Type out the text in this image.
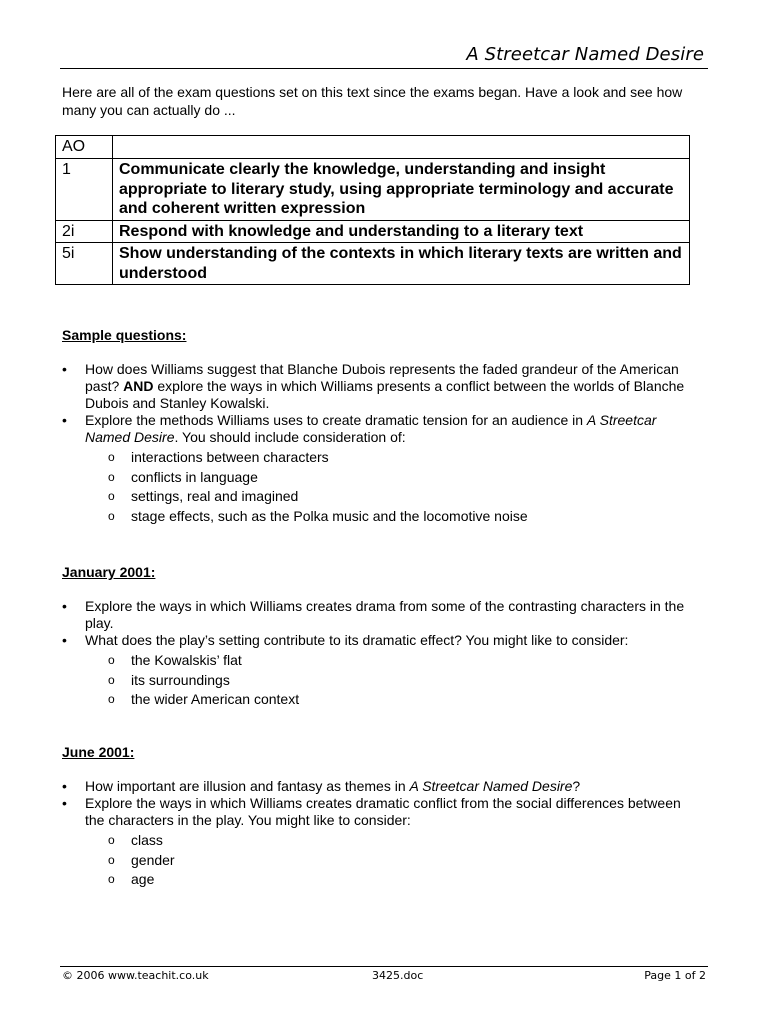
A Streetcar Named Desire
Here are all of the exam questions set on this text since the exams began. Have a look and see how many you can actually do ...
AO	
1	Communicate clearly the knowledge, understanding and insight appropriate to literary study, using appropriate terminology and accurate and coherent written expression
2i	Respond with knowledge and understanding to a literary text
5i	Show understanding of the contexts in which literary texts are written and understood
Sample questions:
• How does Williams suggest that Blanche Dubois represents the faded grandeur of the American past? AND explore the ways in which Williams presents a conflict between the worlds of Blanche Dubois and Stanley Kowalski.
• Explore the methods Williams uses to create dramatic tension for an audience in A Streetcar Named Desire. You should include consideration of:
o interactions between characters
o conflicts in language
o settings, real and imagined
o stage effects, such as the Polka music and the locomotive noise
January 2001:
• Explore the ways in which Williams creates drama from some of the contrasting characters in the play.
• What does the play’s setting contribute to its dramatic effect? You might like to consider:
o the Kowalskis’ flat
o its surroundings
o the wider American context
June 2001:
• How important are illusion and fantasy as themes in A Streetcar Named Desire?
• Explore the ways in which Williams creates dramatic conflict from the social differences between the characters in the play. You might like to consider:
o class
o gender
o age
© 2006 www.teachit.co.uk	3425.doc	Page 1 of 2
